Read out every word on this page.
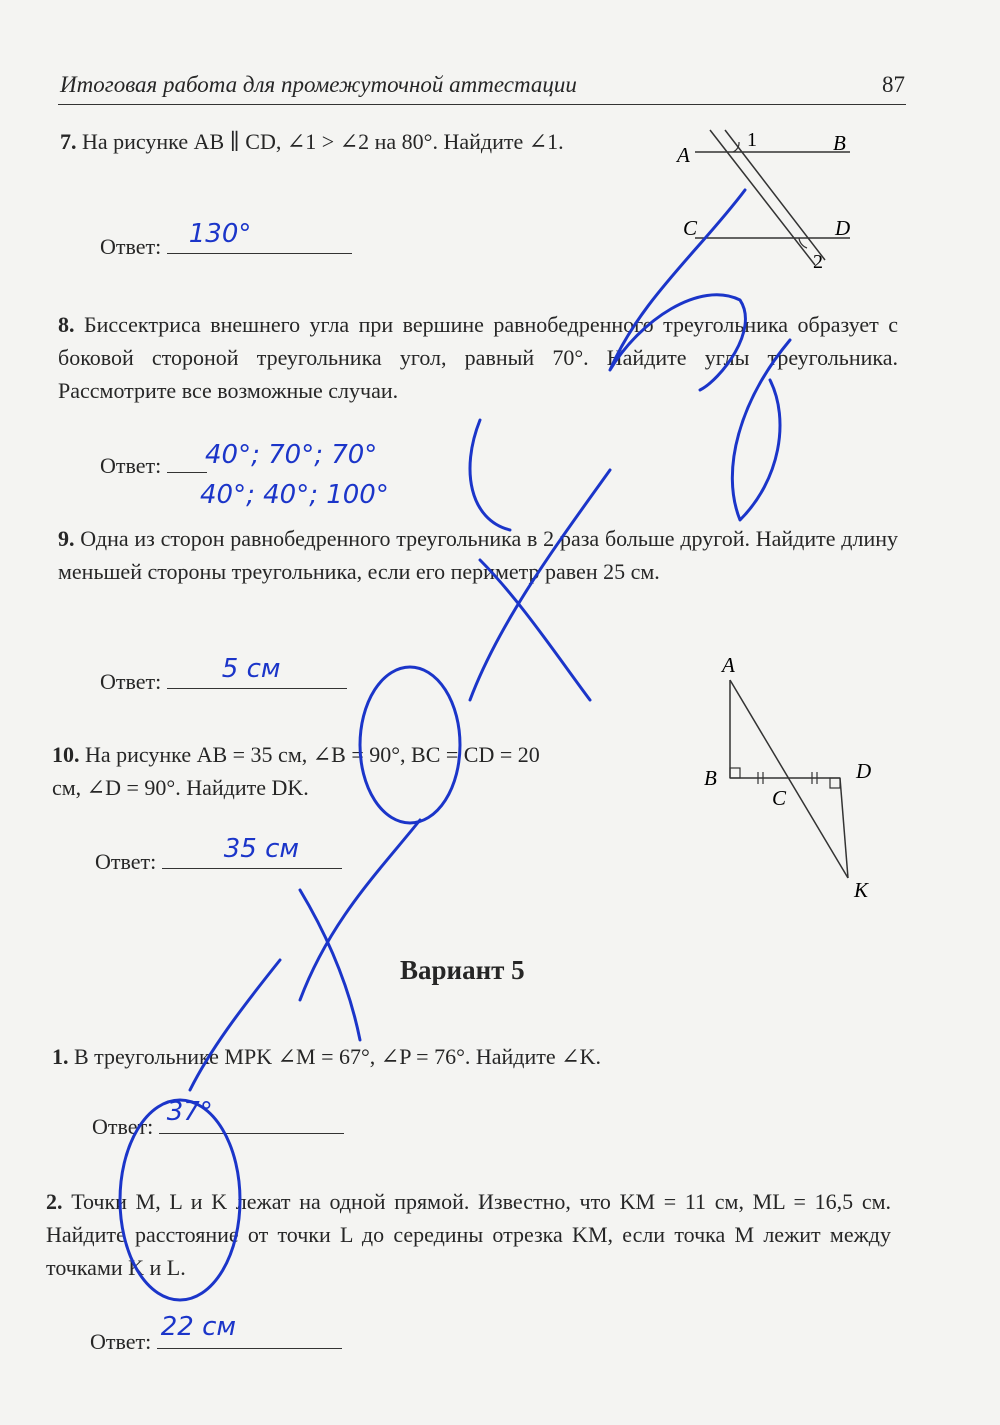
Итоговая работа для промежуточной аттестации	87

7. На рисунке AB ∥ CD, ∠1 > ∠2 на 80°. Найдите ∠1.

Ответ: 130°
A	B
C	D
1
2

8. Биссектриса внешнего угла при вершине равнобедренного треугольника образует с боковой стороной треугольника угол, равный 70°. Найдите углы треугольника. Рассмотрите все возможные случаи.

Ответ:	40°; 70°; 70°
40°; 40°; 100°

9. Одна из сторон равнобедренного треугольника в 2 раза больше другой. Найдите длину меньшей стороны треугольника, если его периметр равен 25 см.

Ответ: 5 см

10. На рисунке AB = 35 см, ∠B = 90°, BC = CD = 20 см, ∠D = 90°. Найдите DK.

Ответ:	35 см
A
B
C
D
K
Вариант 5

1. В треугольнике MPK ∠M = 67°, ∠P = 76°. Найдите ∠K.

Ответ: 37°

2. Точки M, L и K лежат на одной прямой. Известно, что KM = 11 см, ML = 16,5 см. Найдите расстояние от точки L до середины отрезка KM, если точка M лежит между точками K и L.

Ответ: 22 см
